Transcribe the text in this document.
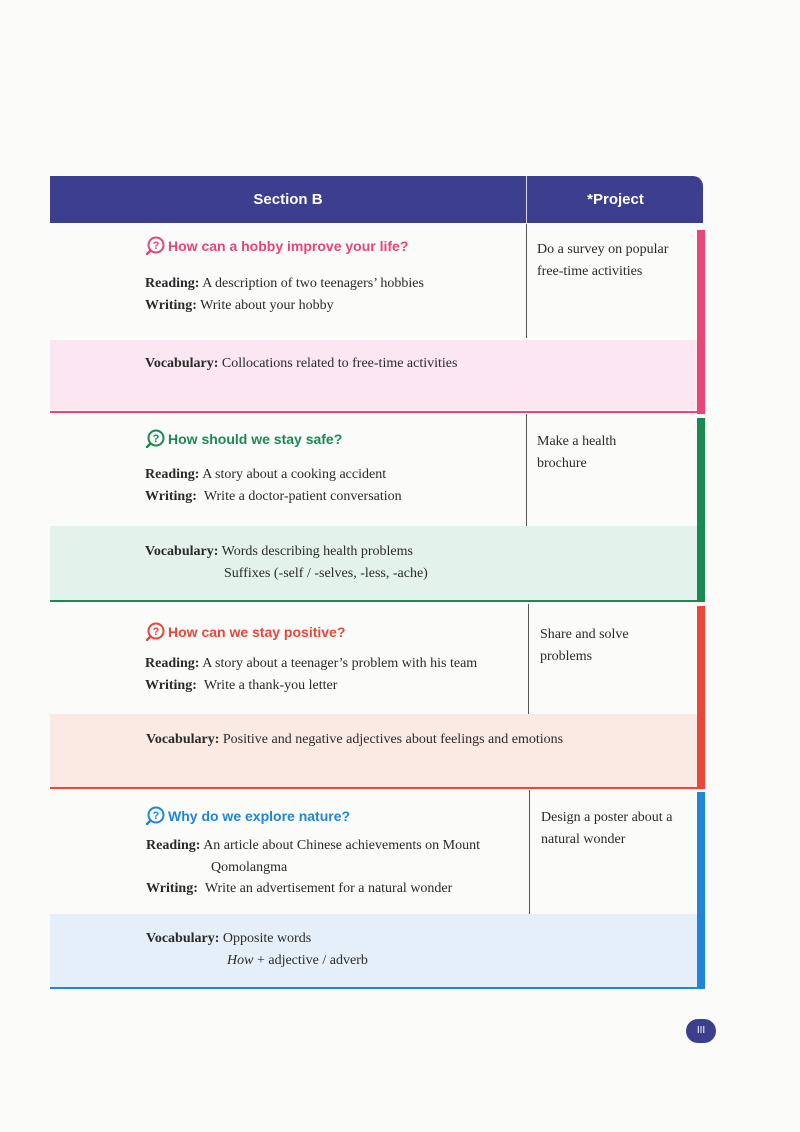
Section B	*Project
? How can a hobby improve your life?
Reading: A description of two teenagers’ hobbies
Writing: Write about your hobby
Vocabulary: Collocations related to free-time activities
Do a survey on popular
free-time activities
? How should we stay safe?
Reading: A story about a cooking accident
Writing: Write a doctor-patient conversation
Vocabulary: Words describing health problems
Suffixes (-self / -selves, -less, -ache)
Make a health
brochure
? How can we stay positive?
Reading: A story about a teenager’s problem with his team
Writing: Write a thank-you letter
Vocabulary: Positive and negative adjectives about feelings and emotions
Share and solve
problems
? Why do we explore nature?
Reading: An article about Chinese achievements on Mount
Qomolangma
Writing: Write an advertisement for a natural wonder
Vocabulary: Opposite words
How + adjective / adverb
Design a poster about a
natural wonder
III
